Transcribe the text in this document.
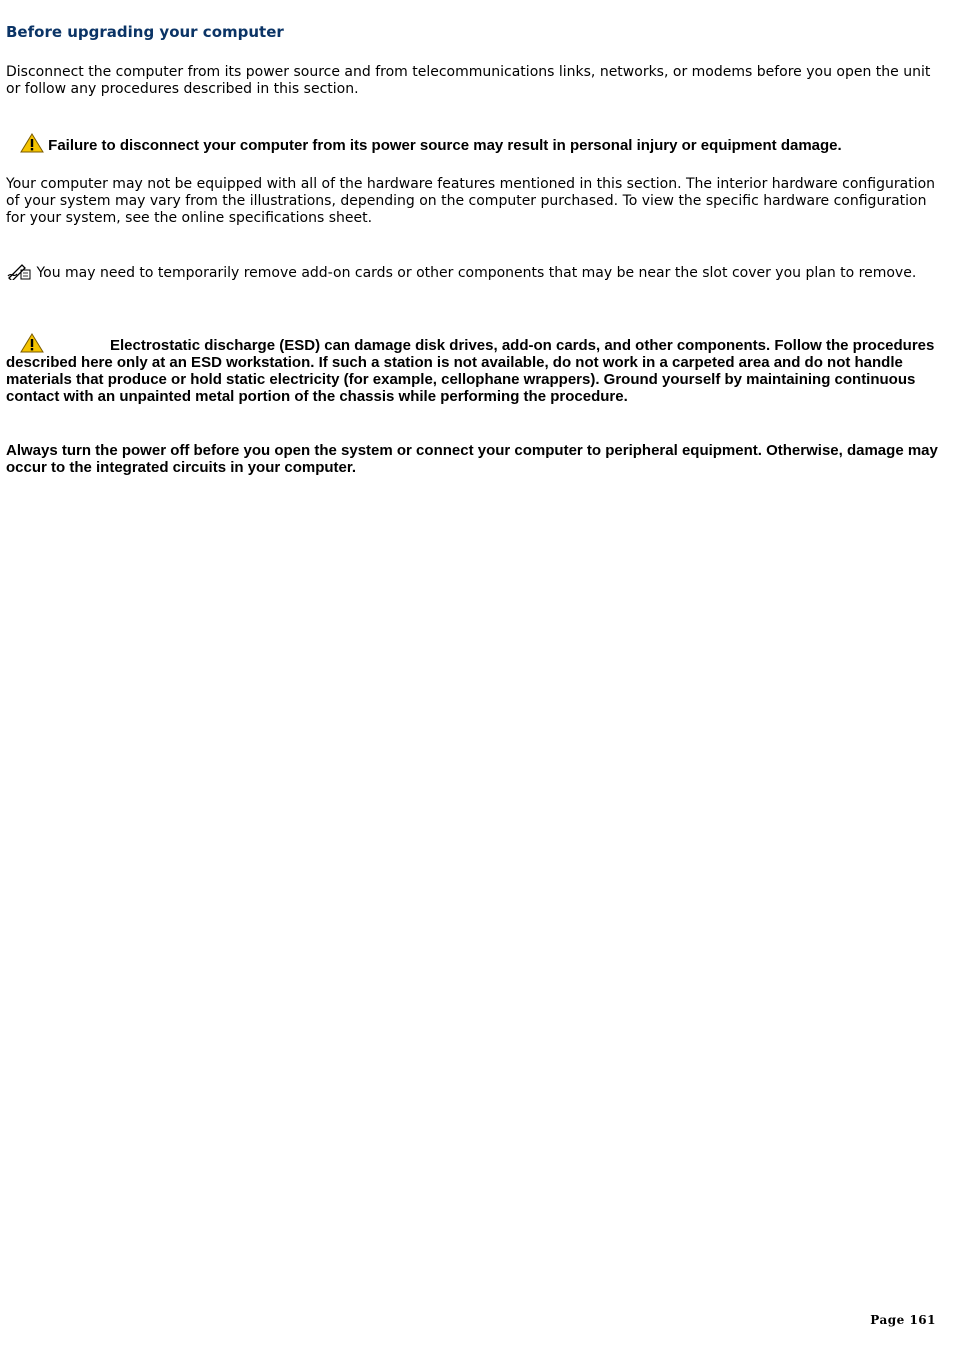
Before upgrading your computer

Disconnect the computer from its power source and from telecommunications links, networks, or modems before you open the unit or follow any procedures described in this section.

Failure to disconnect your computer from its power source may result in personal injury or equipment damage.

Your computer may not be equipped with all of the hardware features mentioned in this section. The interior hardware configuration of your system may vary from the illustrations, depending on the computer purchased. To view the specific hardware configuration for your system, see the online specifications sheet.

You may need to temporarily remove add-on cards or other components that may be near the slot cover you plan to remove.
Electrostatic discharge (ESD) can damage disk drives, add-on cards, and other components. Follow the procedures described here only at an ESD workstation. If such a station is not available, do not work in a carpeted area and do not handle materials that produce or hold static electricity (for example, cellophane wrappers). Ground yourself by maintaining continuous contact with an unpainted metal portion of the chassis while performing the procedure.
Always turn the power off before you open the system or connect your computer to peripheral equipment. Otherwise, damage may occur to the integrated circuits in your computer.
Page 161
